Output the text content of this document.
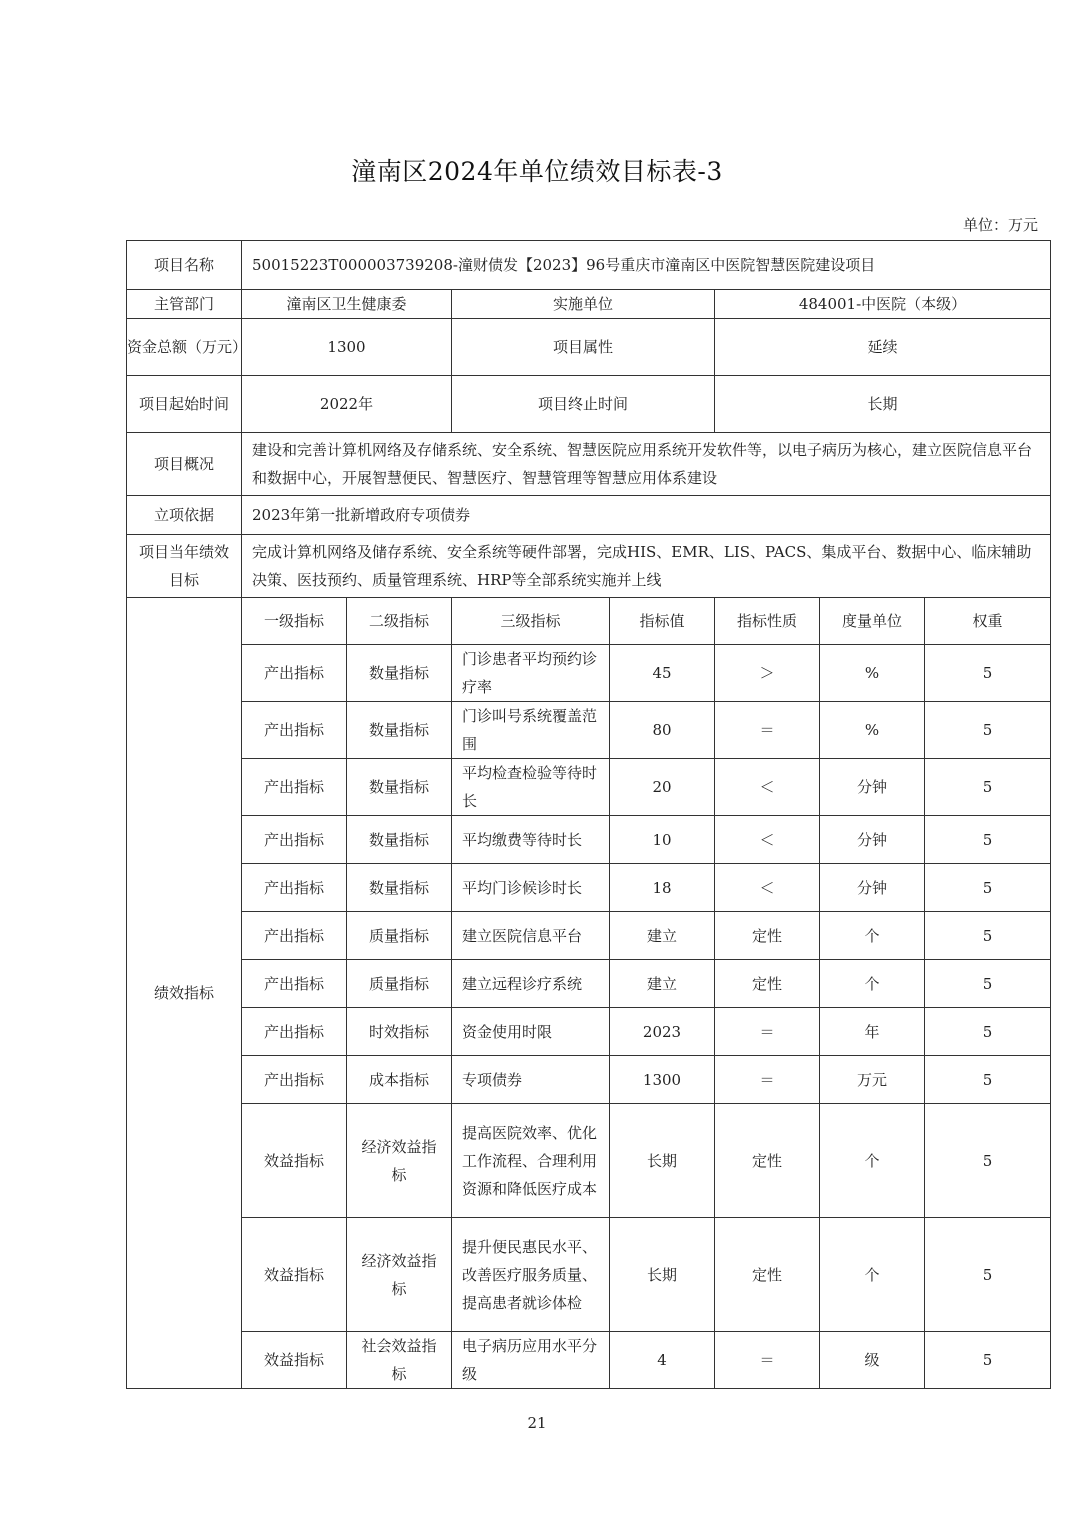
潼南区2024年单位绩效目标表-3
单位：万元
项目名称	50015223T000003739208-潼财债发【2023】96号重庆市潼南区中医院智慧医院建设项目						
主管部门	潼南区卫生健康委		实施单位		484001-中医院（本级）		
资金总额（万元）	1300		项目属性		延续		
项目起始时间	2022年		项目终止时间		长期		
项目概况	建设和完善计算机网络及存储系统、安全系统、智慧医院应用系统开发软件等，以电子病历为核心，建立医院信息平台和数据中心，开展智慧便民、智慧医疗、智慧管理等智慧应用体系建设						
立项依据	2023年第一批新增政府专项债券						
项目当年绩效目标	完成计算机网络及储存系统、安全系统等硬件部署，完成HIS、EMR、LIS、PACS、集成平台、数据中心、临床辅助决策、医技预约、质量管理系统、HRP等全部系统实施并上线						
绩效指标	一级指标	二级指标	三级指标	指标值	指标性质	度量单位	权重
	产出指标	数量指标	门诊患者平均预约诊疗率	45	＞	%	5
	产出指标	数量指标	门诊叫号系统覆盖范围	80	＝	%	5
	产出指标	数量指标	平均检查检验等待时长	20	＜	分钟	5
	产出指标	数量指标	平均缴费等待时长	10	＜	分钟	5
	产出指标	数量指标	平均门诊候诊时长	18	＜	分钟	5
	产出指标	质量指标	建立医院信息平台	建立	定性	个	5
	产出指标	质量指标	建立远程诊疗系统	建立	定性	个	5
	产出指标	时效指标	资金使用时限	2023	＝	年	5
	产出指标	成本指标	专项债券	1300	＝	万元	5
	效益指标	经济效益指标	提高医院效率、优化工作流程、合理利用资源和降低医疗成本	长期	定性	个	5
	效益指标	经济效益指标	提升便民惠民水平、改善医疗服务质量、提高患者就诊体检	长期	定性	个	5
	效益指标	社会效益指标	电子病历应用水平分级	4	＝	级	5
21
